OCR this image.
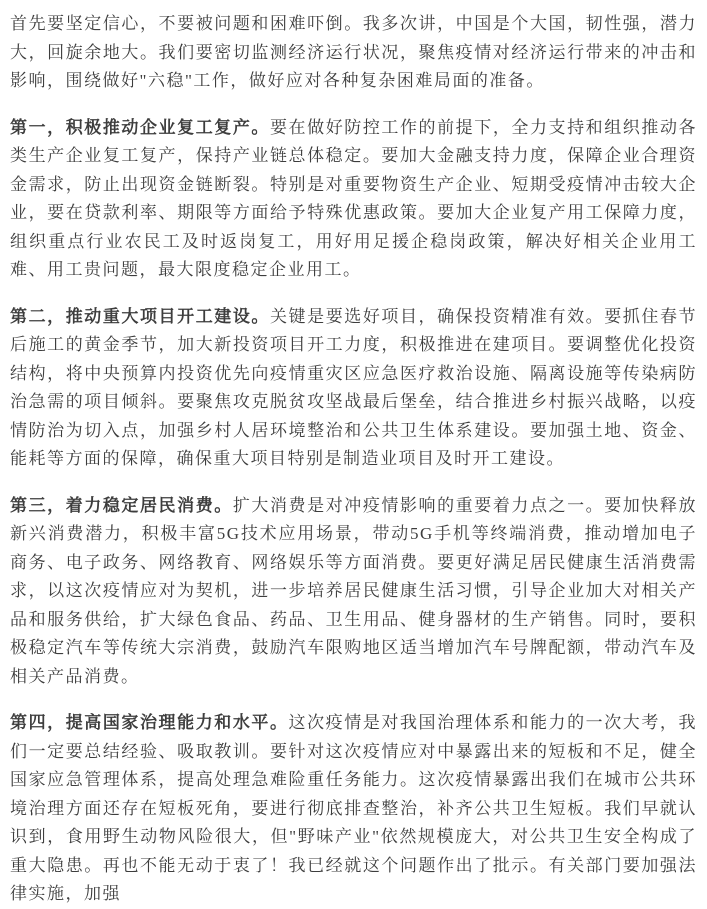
首先要坚定信心，不要被问题和困难吓倒。我多次讲，中国是个大国，韧性强，潜力大，回旋余地大。我们要密切监测经济运行状况，聚焦疫情对经济运行带来的冲击和影响，围绕做好"六稳"工作，做好应对各种复杂困难局面的准备。

第一，积极推动企业复工复产。要在做好防控工作的前提下，全力支持和组织推动各类生产企业复工复产，保持产业链总体稳定。要加大金融支持力度，保障企业合理资金需求，防止出现资金链断裂。特别是对重要物资生产企业、短期受疫情冲击较大企业，要在贷款利率、期限等方面给予特殊优惠政策。要加大企业复产用工保障力度，组织重点行业农民工及时返岗复工，用好用足援企稳岗政策，解决好相关企业用工难、用工贵问题，最大限度稳定企业用工。

第二，推动重大项目开工建设。关键是要选好项目，确保投资精准有效。要抓住春节后施工的黄金季节，加大新投资项目开工力度，积极推进在建项目。要调整优化投资结构，将中央预算内投资优先向疫情重灾区应急医疗救治设施、隔离设施等传染病防治急需的项目倾斜。要聚焦攻克脱贫攻坚战最后堡垒，结合推进乡村振兴战略，以疫情防治为切入点，加强乡村人居环境整治和公共卫生体系建设。要加强土地、资金、能耗等方面的保障，确保重大项目特别是制造业项目及时开工建设。

第三，着力稳定居民消费。扩大消费是对冲疫情影响的重要着力点之一。要加快释放新兴消费潜力，积极丰富5G技术应用场景，带动5G手机等终端消费，推动增加电子商务、电子政务、网络教育、网络娱乐等方面消费。要更好满足居民健康生活消费需求，以这次疫情应对为契机，进一步培养居民健康生活习惯，引导企业加大对相关产品和服务供给，扩大绿色食品、药品、卫生用品、健身器材的生产销售。同时，要积极稳定汽车等传统大宗消费，鼓励汽车限购地区适当增加汽车号牌配额，带动汽车及相关产品消费。

第四，提高国家治理能力和水平。这次疫情是对我国治理体系和能力的一次大考，我们一定要总结经验、吸取教训。要针对这次疫情应对中暴露出来的短板和不足，健全国家应急管理体系，提高处理急难险重任务能力。这次疫情暴露出我们在城市公共环境治理方面还存在短板死角，要进行彻底排查整治，补齐公共卫生短板。我们早就认识到，食用野生动物风险很大，但"野味产业"依然规模庞大，对公共卫生安全构成了重大隐患。再也不能无动于衷了！我已经就这个问题作出了批示。有关部门要加强法律实施，加强
